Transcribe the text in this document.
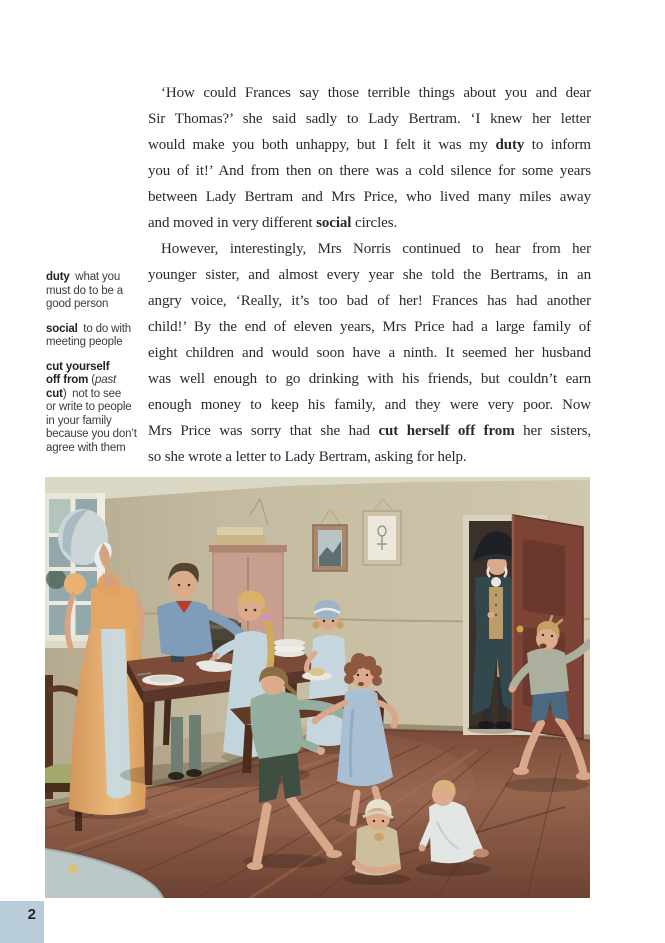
‘How could Frances say those terrible things about you and dear
Sir Thomas?’ she said sadly to Lady Bertram. ‘I knew her letter
would make you both unhappy, but I felt it was my duty to inform
you of it!’ And from then on there was a cold silence for some years
between Lady Bertram and Mrs Price, who lived many miles away
and moved in very different social circles.
However, interestingly, Mrs Norris continued to hear from her
younger sister, and almost every year she told the Bertrams, in an
angry voice, ‘Really, it’s too bad of her! Frances has had another
child!’ By the end of eleven years, Mrs Price had a large family of
eight children and would soon have a ninth. It seemed her husband
was well enough to go drinking with his friends, but couldn’t earn
enough money to keep his family, and they were very poor. Now
Mrs Price was sorry that she had cut herself off from her sisters,
so she wrote a letter to Lady Bertram, asking for help.
duty what you
must do to be a
good person
social to do with
meeting people
cut yourself
off from (past
cut) not to see
or write to people
in your family
because you don’t
agree with them
2
